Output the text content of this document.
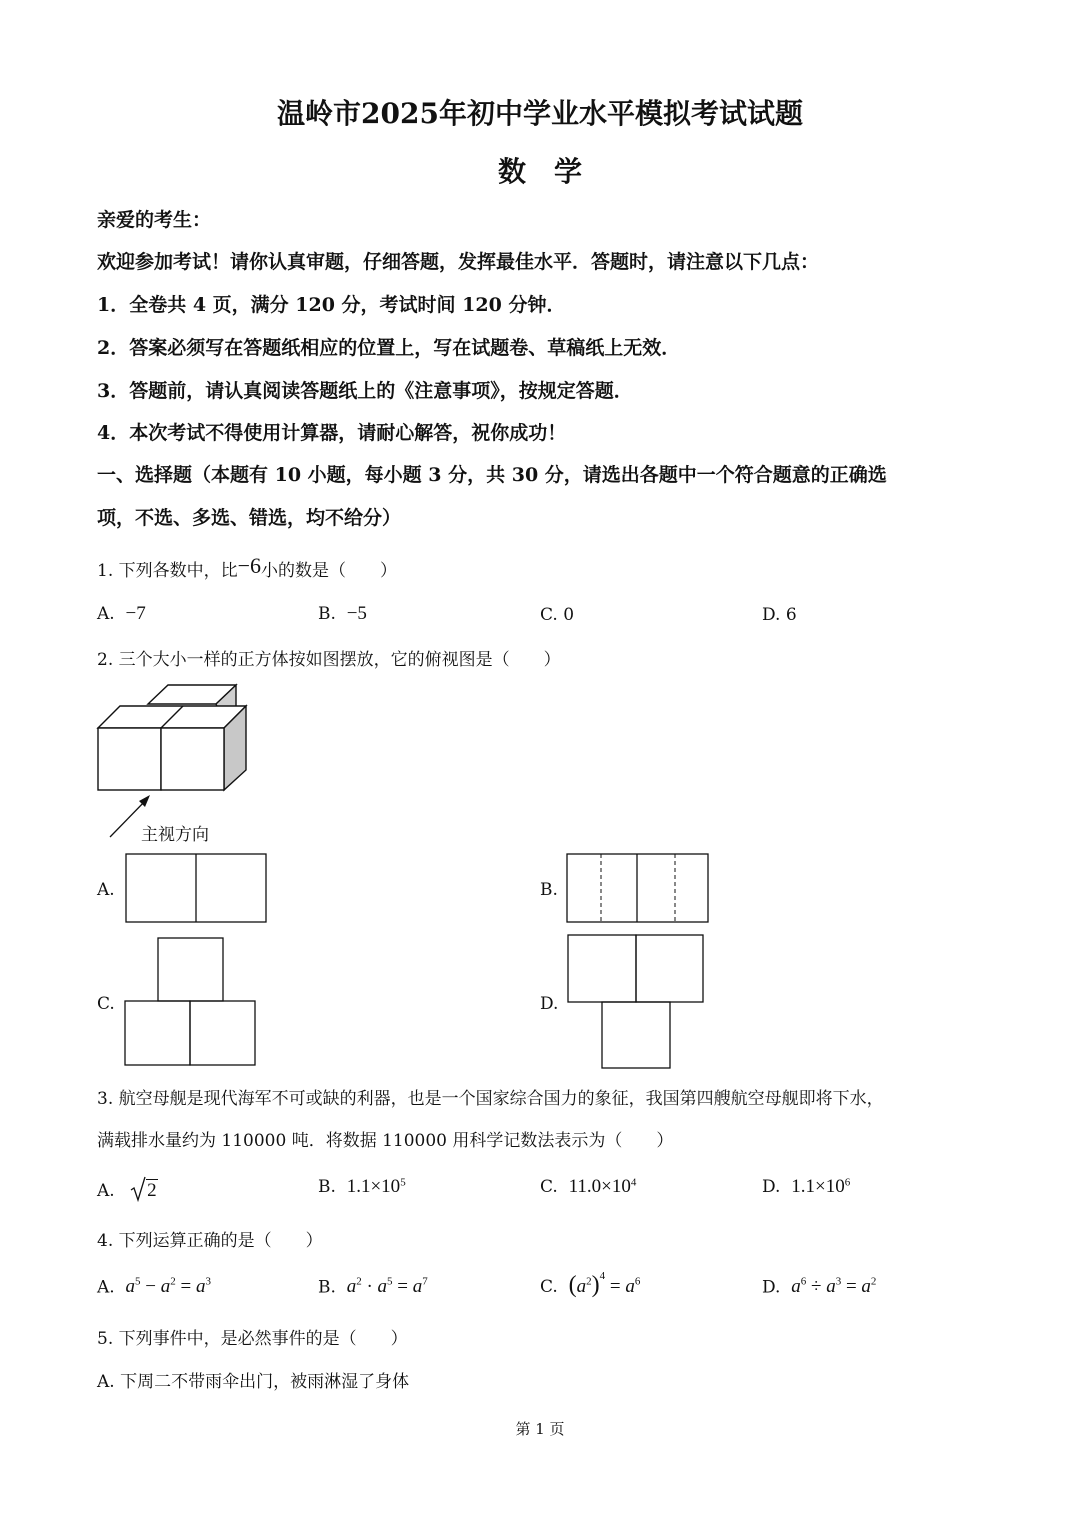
温岭市2025年初中学业水平模拟考试试题
数　学
亲爱的考生：
欢迎参加考试！请你认真审题，仔细答题，发挥最佳水平．答题时，请注意以下几点：
1．全卷共 4 页，满分 120 分，考试时间 120 分钟．
2．答案必须写在答题纸相应的位置上，写在试题卷、草稿纸上无效．
3．答题前，请认真阅读答题纸上的《注意事项》，按规定答题．
4．本次考试不得使用计算器，请耐心解答，祝你成功！
一、选择题（本题有 10 小题，每小题 3 分，共 30 分，请选出各题中一个符合题意的正确选
项，不选、多选、错选，均不给分）
1. 下列各数中，比−6小的数是（　　）
A. −7	B. −5	C. 0	D. 6
2. 三个大小一样的正方体按如图摆放，它的俯视图是（　　）
主视方向
A.	B.
C.	D.
3. 航空母舰是现代海军不可或缺的利器，也是一个国家综合国力的象征，我国第四艘航空母舰即将下水，
满载排水量约为 110000 吨．将数据 110000 用科学记数法表示为（　　）
A. 2	B. $1.1\times 10^5$	C. $11.0\times 10^4$	D. $1.1\times 10^6$
4. 下列运算正确的是（　　）
A. $a^5 - a^2 = a^3$	B. $a^2 \cdot a^5 = a^7$	C. $(a^2)^4 = a^6$	D. $a^6 \div a^3 = a^2$
5. 下列事件中，是必然事件的是（　　）
A. 下周二不带雨伞出门，被雨淋湿了身体
第 1 页
